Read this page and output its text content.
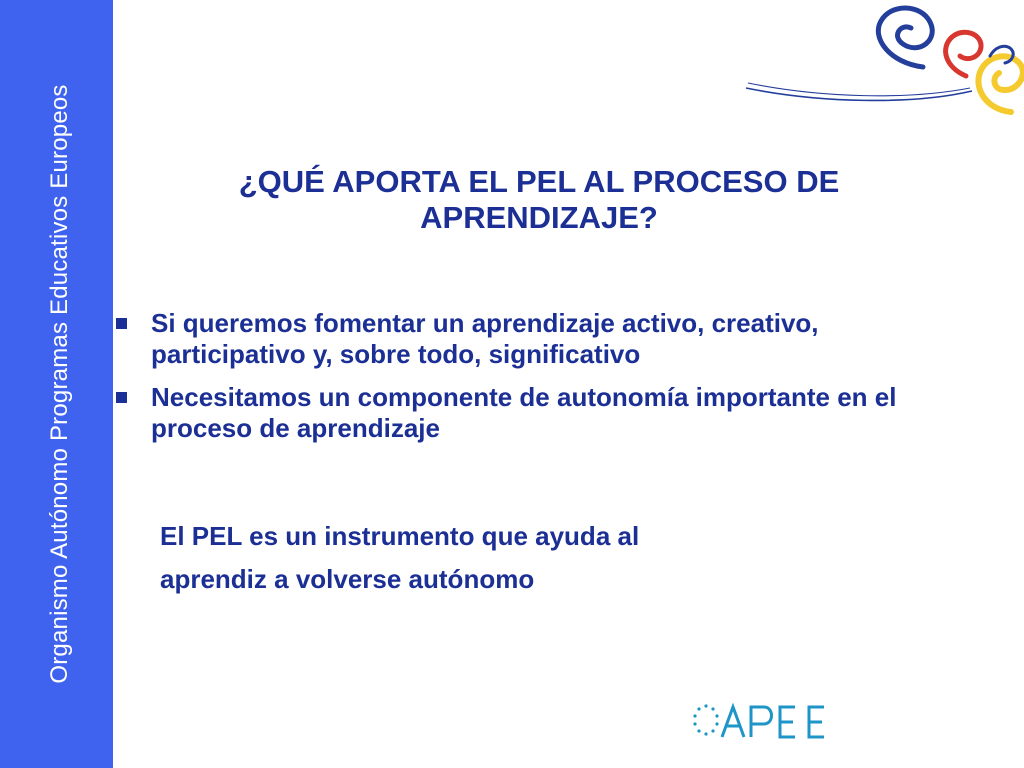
Organismo Autónomo Programas Educativos Europeos	¿QUÉ APORTA EL PEL AL PROCESO DE APRENDIZAJE?
Si queremos fomentar un aprendizaje activo, creativo, participativo y, sobre todo, significativo
Necesitamos un componente de autonomía importante en el proceso de aprendizaje

El PEL es un instrumento que ayuda al
aprendiz a volverse autónomo
